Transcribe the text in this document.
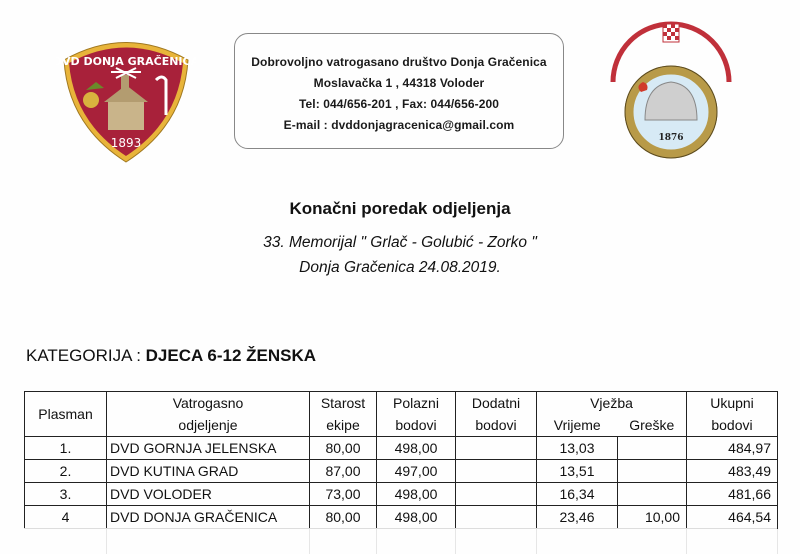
DVD DONJA GRAČENICA
1893
Dobrovoljno vatrogasano društvo Donja Gračenica
Moslavačka 1 , 44318 Voloder
Tel: 044/656-201 , Fax: 044/656-200
E-mail : dvddonjagracenica@gmail.com
1876
Konačni poredak odjeljenja
33. Memorijal " Grlač - Golubić - Zorko "
Donja Gračenica 24.08.2019.
KATEGORIJA : DJECA 6-12 ŽENSKA
Plasman	Vatrogasno	Starost	Polazni	Dodatni	Vježba		Ukupni
	odjeljenje	ekipe	bodovi	bodovi	Vrijeme	Greške	bodovi
1.	DVD GORNJA JELENSKA	80,00	498,00		13,03		484,97
2.	DVD KUTINA GRAD	87,00	497,00		13,51		483,49
3.	DVD VOLODER	73,00	498,00		16,34		481,66
4	DVD DONJA GRAČENICA	80,00	498,00		23,46	10,00	464,54
